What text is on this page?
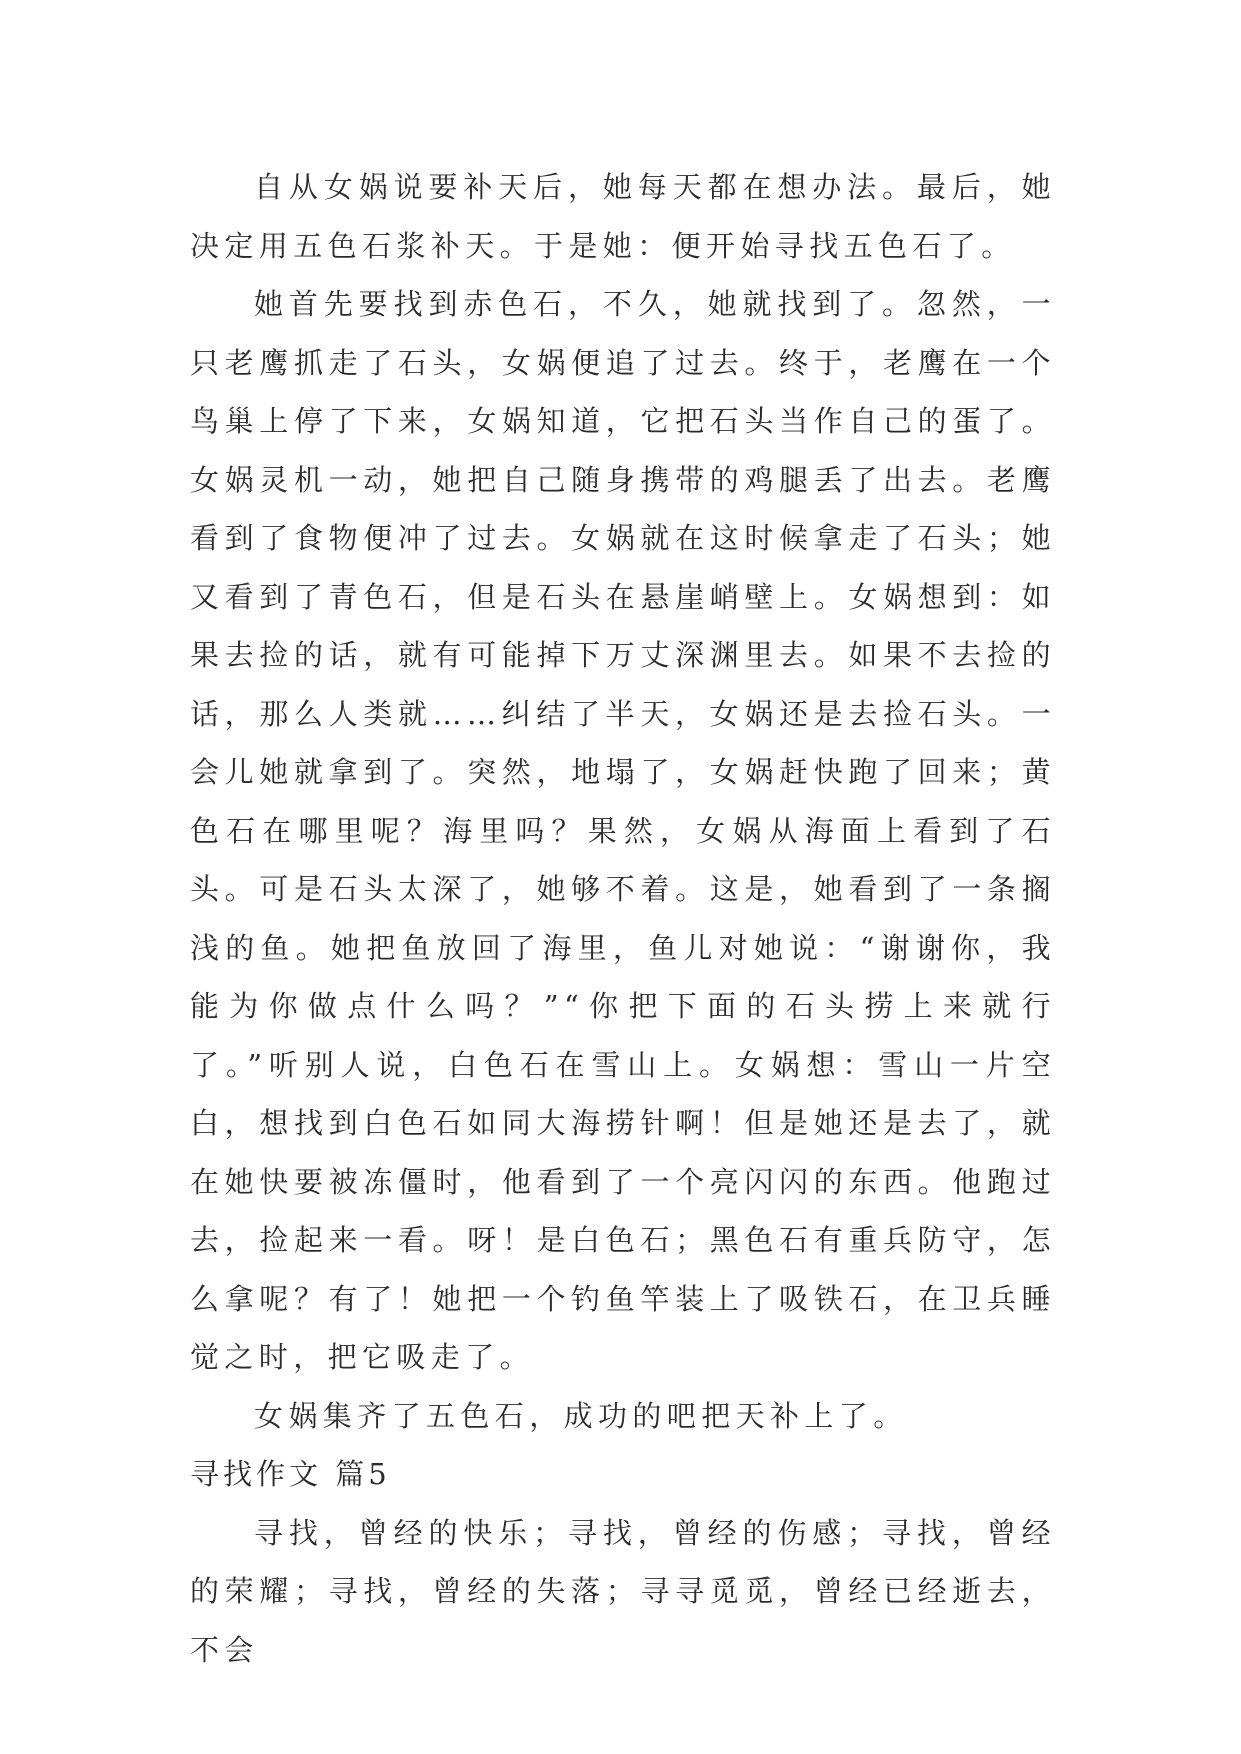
自从女娲说要补天后，她每天都在想办法。最后，她决定用五色石浆补天。于是她：便开始寻找五色石了。

她首先要找到赤色石，不久，她就找到了。忽然，一只老鹰抓走了石头，女娲便追了过去。终于，老鹰在一个鸟巢上停了下来，女娲知道，它把石头当作自己的蛋了。女娲灵机一动，她把自己随身携带的鸡腿丢了出去。老鹰看到了食物便冲了过去。女娲就在这时候拿走了石头；她又看到了青色石，但是石头在悬崖峭壁上。女娲想到：如果去捡的话，就有可能掉下万丈深渊里去。如果不去捡的话，那么人类就……纠结了半天，女娲还是去捡石头。一会儿她就拿到了。突然，地塌了，女娲赶快跑了回来；黄色石在哪里呢？海里吗？果然，女娲从海面上看到了石头。可是石头太深了，她够不着。这是，她看到了一条搁浅的鱼。她把鱼放回了海里，鱼儿对她说：“谢谢你，我能为你做点什么吗？”“你把下面的石头捞上来就行了。”听别人说，白色石在雪山上。女娲想：雪山一片空白，想找到白色石如同大海捞针啊！但是她还是去了，就在她快要被冻僵时，他看到了一个亮闪闪的东西。他跑过去，捡起来一看。呀！是白色石；黑色石有重兵防守，怎么拿呢？有了！她把一个钓鱼竿装上了吸铁石，在卫兵睡觉之时，把它吸走了。

女娲集齐了五色石，成功的吧把天补上了。

寻找作文 篇5

寻找，曾经的快乐；寻找，曾经的伤感；寻找，曾经的荣耀；寻找，曾经的失落；寻寻觅觅，曾经已经逝去，不会
